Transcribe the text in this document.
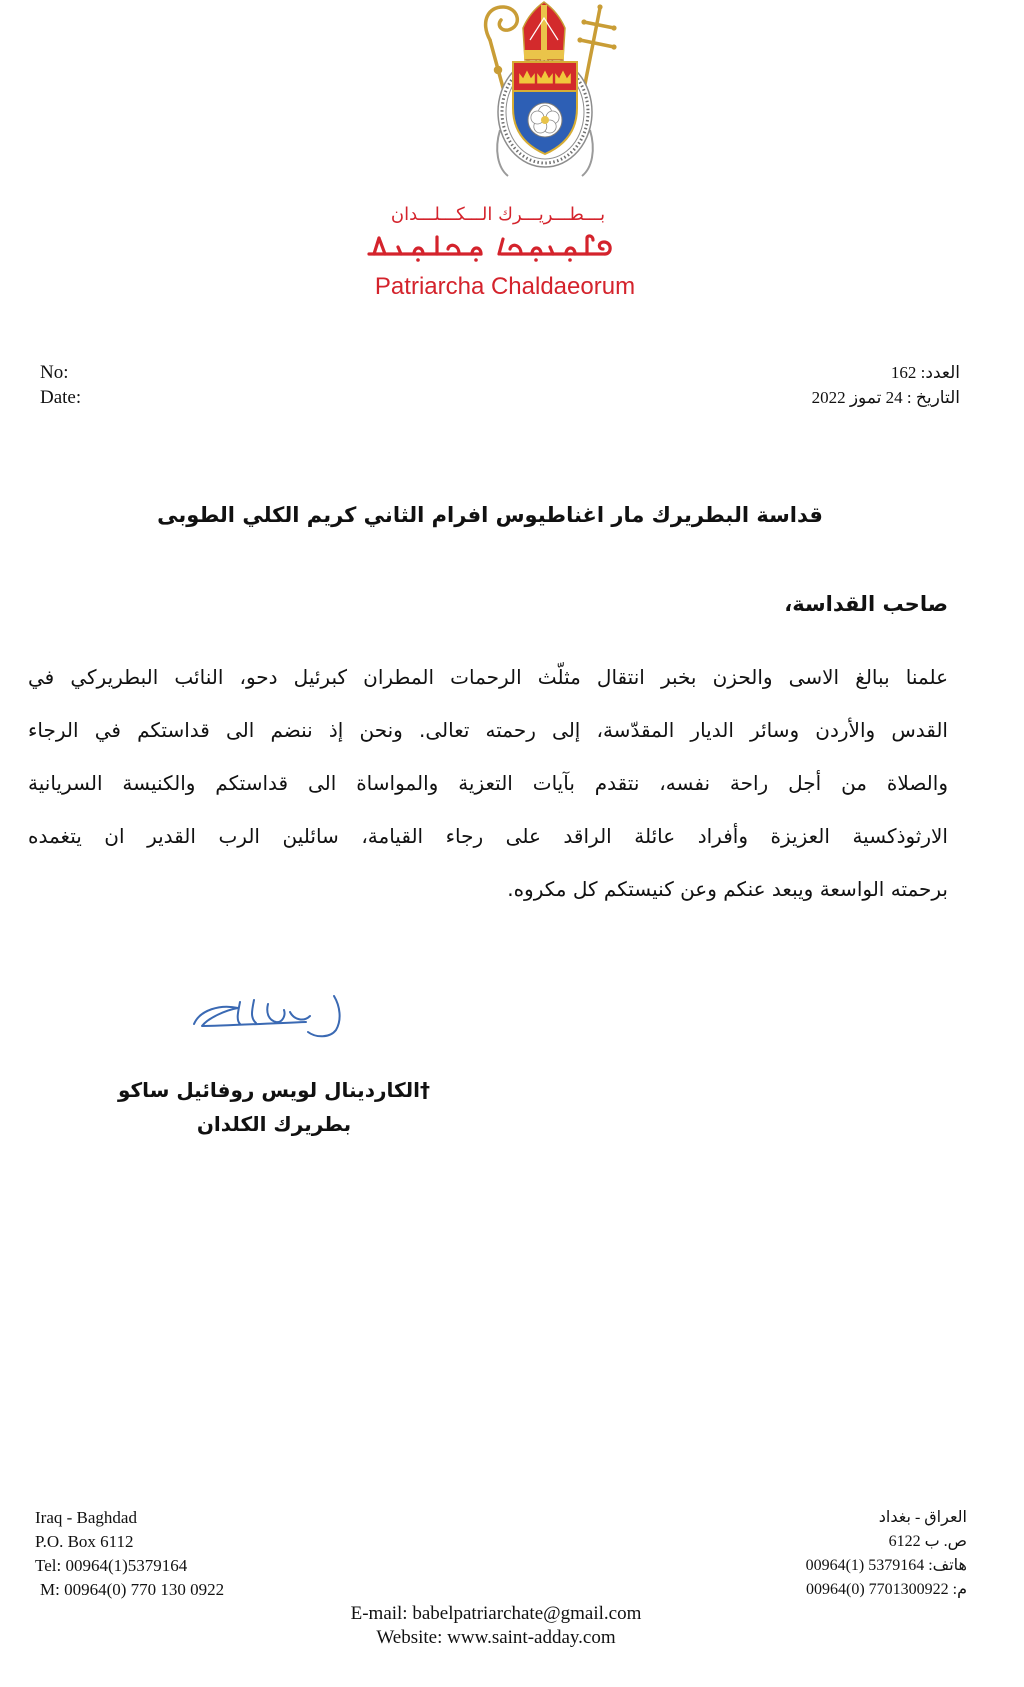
بـــطـــريـــرك الـــكـــلـــدان
Patriarcha Chaldaeorum
No:
Date:
العدد: 162
التاريخ : 24 تموز 2022
قداسة البطريرك مار اغناطيوس افرام الثاني كريم الكلي الطوبى
صاحب القداسة،
علمنا ببالغ الاسى والحزن بخبر انتقال مثلّث الرحمات المطران كبرئيل دحو، النائب البطريركي في
القدس والأردن وسائر الديار المقدّسة، إلى رحمته تعالى. ونحن إذ ننضم الى قداستكم في الرجاء
والصلاة من أجل راحة نفسه، نتقدم بآيات التعزية والمواساة الى قداستكم والكنيسة السريانية
الارثوذكسية العزيزة وأفراد عائلة الراقد على رجاء القيامة، سائلين الرب القدير ان يتغمده
برحمته الواسعة ويبعد عنكم وعن كنيستكم كل مكروه.
†الكاردينال لويس روفائيل ساكو
بطريرك الكلدان
Iraq - Baghdad
P.O. Box 6112
Tel: 00964(1)5379164
M: 00964(0) 770 130 0922
العراق - بغداد
ص. ب 6122
هاتف: 00964(1) 5379164
م: 00964(0) 7701300922
E-mail: babelpatriarchate@gmail.com
Website: www.saint-adday.com
